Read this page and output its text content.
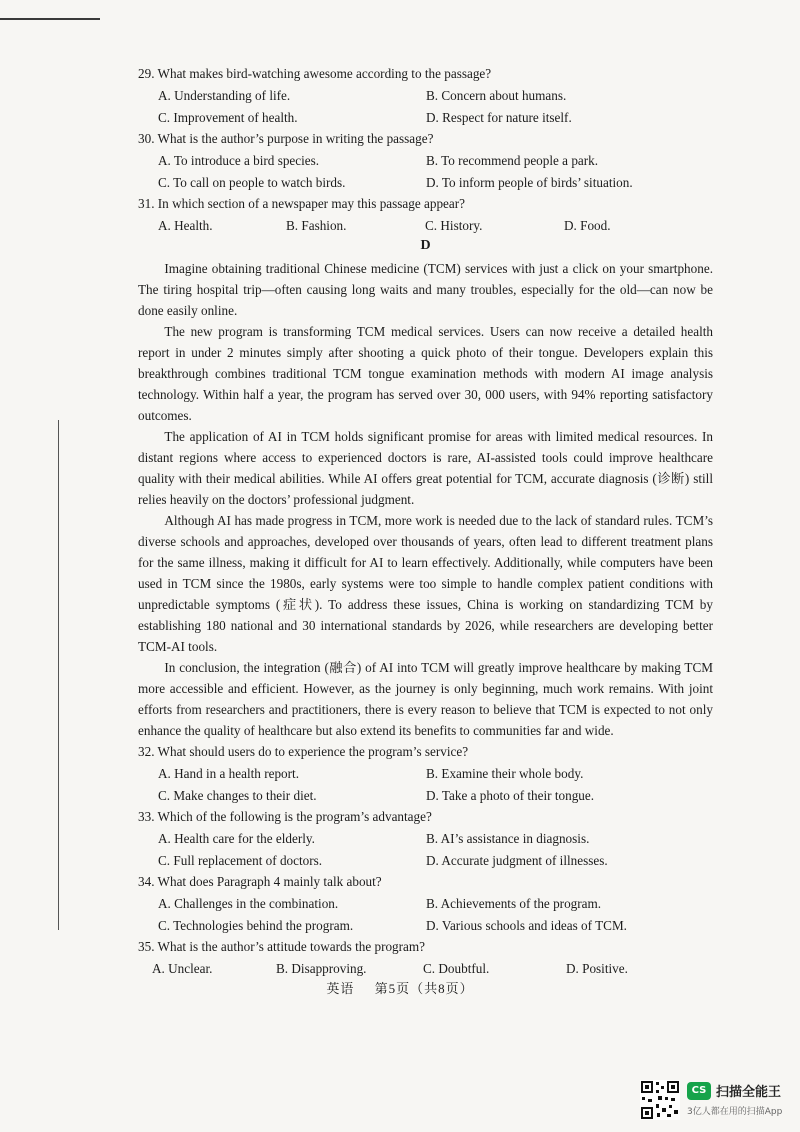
29. What makes bird-watching awesome according to the passage?
A. Understanding of life.	B. Concern about humans.
C. Improvement of health.	D. Respect for nature itself.
30. What is the author’s purpose in writing the passage?
A. To introduce a bird species.	B. To recommend people a park.
C. To call on people to watch birds.	D. To inform people of birds’ situation.
31. In which section of a newspaper may this passage appear?
A. Health.	B. Fashion.	C. History.	D. Food.
D

Imagine obtaining traditional Chinese medicine (TCM) services with just a click on your smartphone. The tiring hospital trip—often causing long waits and many troubles, especially for the old—can now be done easily online.

The new program is transforming TCM medical services. Users can now receive a detailed health report in under 2 minutes simply after shooting a quick photo of their tongue. Developers explain this breakthrough combines traditional TCM tongue examination methods with modern AI image analysis technology. Within half a year, the program has served over 30, 000 users, with 94% reporting satisfactory outcomes.

The application of AI in TCM holds significant promise for areas with limited medical resources. In distant regions where access to experienced doctors is rare, AI-assisted tools could improve healthcare quality with their medical abilities. While AI offers great potential for TCM, accurate diagnosis (诊断) still relies heavily on the doctors’ professional judgment.

Although AI has made progress in TCM, more work is needed due to the lack of standard rules. TCM’s diverse schools and approaches, developed over thousands of years, often lead to different treatment plans for the same illness, making it difficult for AI to learn effectively. Additionally, while computers have been used in TCM since the 1980s, early systems were too simple to handle complex patient conditions with unpredictable symptoms (症状). To address these issues, China is working on standardizing TCM by establishing 180 national and 30 international standards by 2026, while researchers are developing better TCM-AI tools.

In conclusion, the integration (融合) of AI into TCM will greatly improve healthcare by making TCM more accessible and efficient. However, as the journey is only beginning, much work remains. With joint efforts from researchers and practitioners, there is every reason to believe that TCM is expected to not only enhance the quality of healthcare but also extend its benefits to communities far and wide.

32. What should users do to experience the program’s service?
A. Hand in a health report.	B. Examine their whole body.
C. Make changes to their diet.	D. Take a photo of their tongue.
33. Which of the following is the program’s advantage?
A. Health care for the elderly.	B. AI’s assistance in diagnosis.
C. Full replacement of doctors.	D. Accurate judgment of illnesses.
34. What does Paragraph 4 mainly talk about?
A. Challenges in the combination.	B. Achievements of the program.
C. Technologies behind the program.	D. Various schools and ideas of TCM.
35. What is the author’s attitude towards the program?
A. Unclear.	B. Disapproving.	C. Doubtful.	D. Positive.
英语 第5页（共8页）
CS 扫描全能王
3亿人都在用的扫描App
